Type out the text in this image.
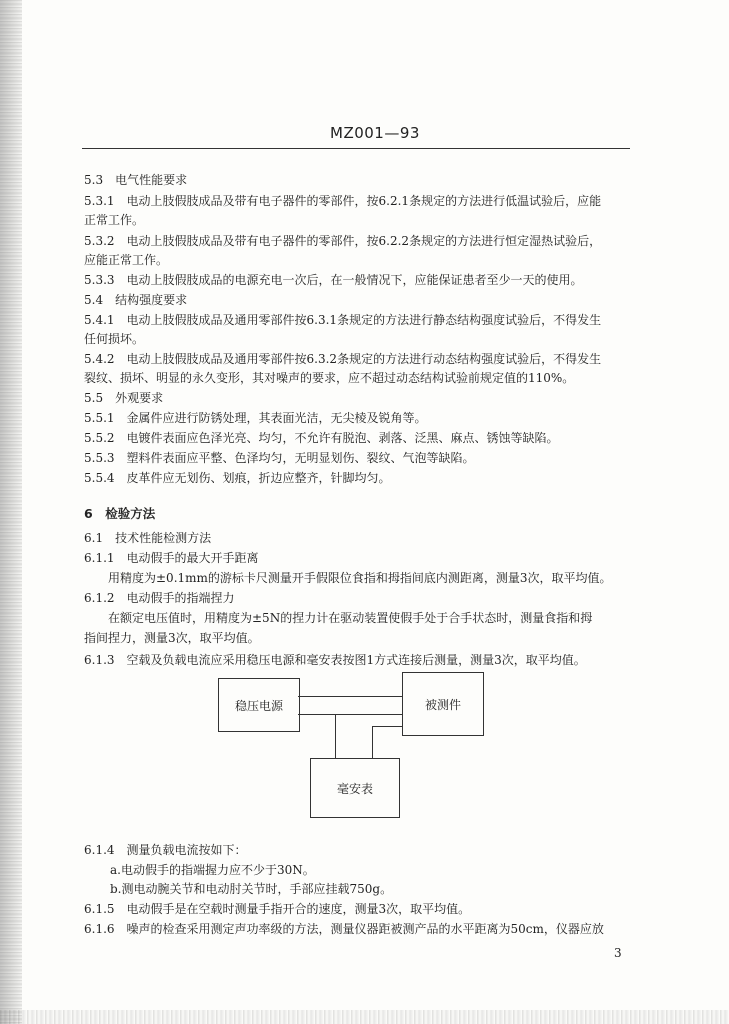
MZ001—93
5.3　电气性能要求
5.3.1　电动上肢假肢成品及带有电子器件的零部件，按6.2.1条规定的方法进行低温试验后，应能
正常工作。
5.3.2　电动上肢假肢成品及带有电子器件的零部件，按6.2.2条规定的方法进行恒定湿热试验后，
应能正常工作。
5.3.3　电动上肢假肢成品的电源充电一次后，在一般情况下，应能保证患者至少一天的使用。
5.4　结构强度要求
5.4.1　电动上肢假肢成品及通用零部件按6.3.1条规定的方法进行静态结构强度试验后，不得发生
任何损坏。
5.4.2　电动上肢假肢成品及通用零部件按6.3.2条规定的方法进行动态结构强度试验后，不得发生
裂纹、损坏、明显的永久变形，其对噪声的要求，应不超过动态结构试验前规定值的110%。
5.5　外观要求
5.5.1　金属件应进行防锈处理，其表面光洁，无尖棱及锐角等。
5.5.2　电镀件表面应色泽光亮、均匀，不允许有脱泡、剥落、泛黑、麻点、锈蚀等缺陷。
5.5.3　塑料件表面应平整、色泽均匀，无明显划伤、裂纹、气泡等缺陷。
5.5.4　皮革件应无划伤、划痕，折边应整齐，针脚均匀。
6　检验方法
6.1　技术性能检测方法
6.1.1　电动假手的最大开手距离
用精度为±0.1mm的游标卡尺测量开手假限位食指和拇指间底内测距离，测量3次，取平均值。
6.1.2　电动假手的指端捏力
在额定电压值时，用精度为±5N的捏力计在驱动装置使假手处于合手状态时，测量食指和拇
指间捏力，测量3次，取平均值。
6.1.3　空载及负载电流应采用稳压电源和毫安表按图1方式连接后测量，测量3次，取平均值。
稳压电源	被测件
毫安表
6.1.4　测量负载电流按如下：
a.电动假手的指端握力应不少于30N。
b.测电动腕关节和电动肘关节时，手部应挂载750g。
6.1.5　电动假手是在空载时测量手指开合的速度，测量3次，取平均值。
6.1.6　噪声的检查采用测定声功率级的方法，测量仪器距被测产品的水平距离为50cm，仪器应放
3
